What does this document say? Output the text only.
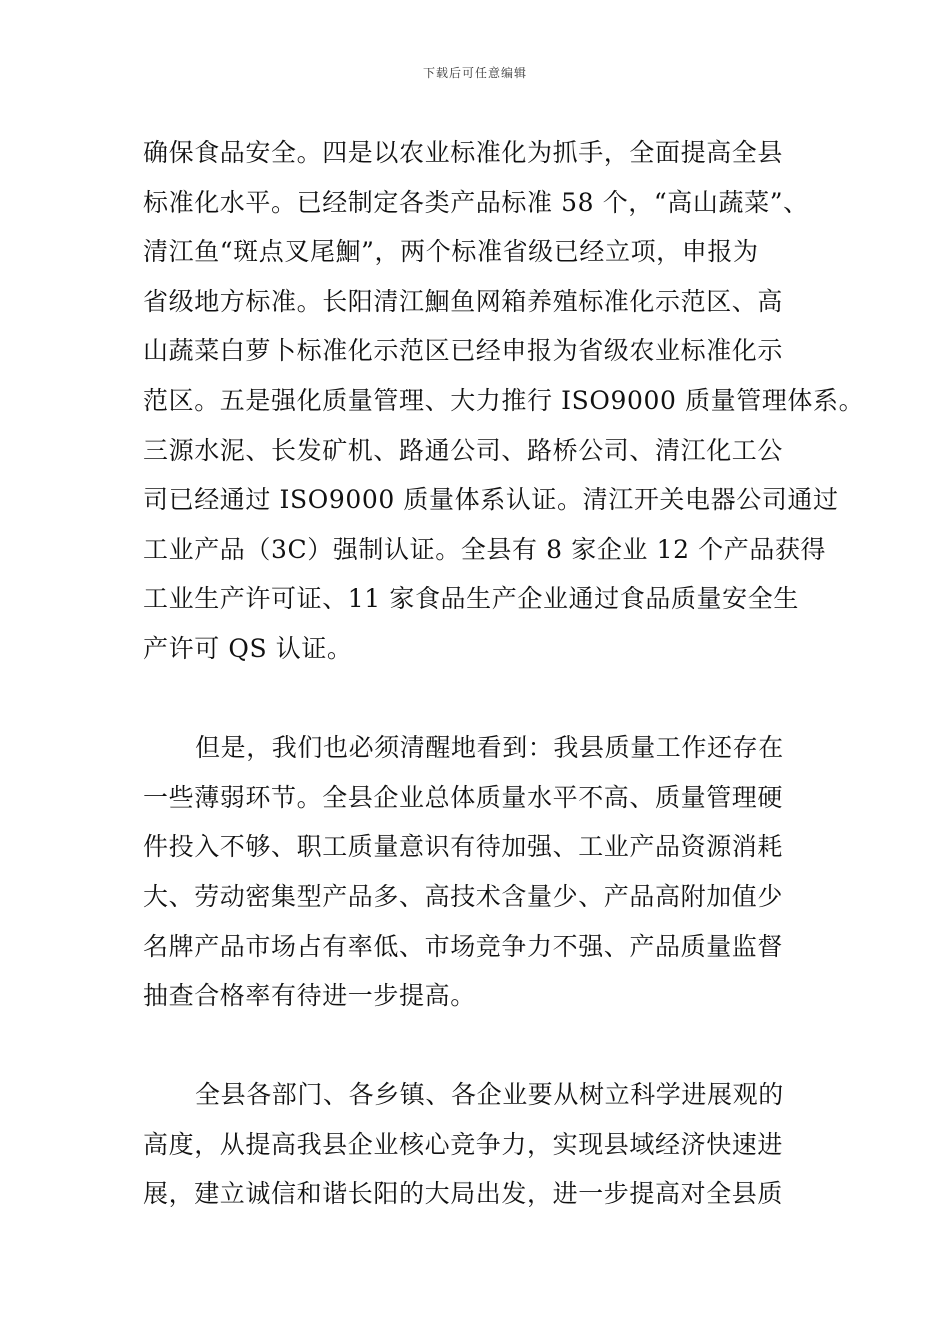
下载后可任意编辑
确保食品安全。四是以农业标准化为抓手，全面提高全县
标准化水平。已经制定各类产品标准 58 个，“高山蔬菜”、
清江鱼“斑点叉尾鮰”，两个标准省级已经立项，申报为
省级地方标准。长阳清江鮰鱼网箱养殖标准化示范区、高
山蔬菜白萝卜标准化示范区已经申报为省级农业标准化示
范区。五是强化质量管理、大力推行 ISO9000 质量管理体系。
三源水泥、长发矿机、路通公司、路桥公司、清江化工公
司已经通过 ISO9000 质量体系认证。清江开关电器公司通过
工业产品（3C）强制认证。全县有 8 家企业 12 个产品获得
工业生产许可证、11 家食品生产企业通过食品质量安全生
产许可 QS 认证。
但是，我们也必须清醒地看到：我县质量工作还存在
一些薄弱环节。全县企业总体质量水平不高、质量管理硬
件投入不够、职工质量意识有待加强、工业产品资源消耗
大、劳动密集型产品多、高技术含量少、产品高附加值少
名牌产品市场占有率低、市场竞争力不强、产品质量监督
抽查合格率有待进一步提高。
全县各部门、各乡镇、各企业要从树立科学进展观的
高度，从提高我县企业核心竞争力，实现县域经济快速进
展，建立诚信和谐长阳的大局出发，进一步提高对全县质
